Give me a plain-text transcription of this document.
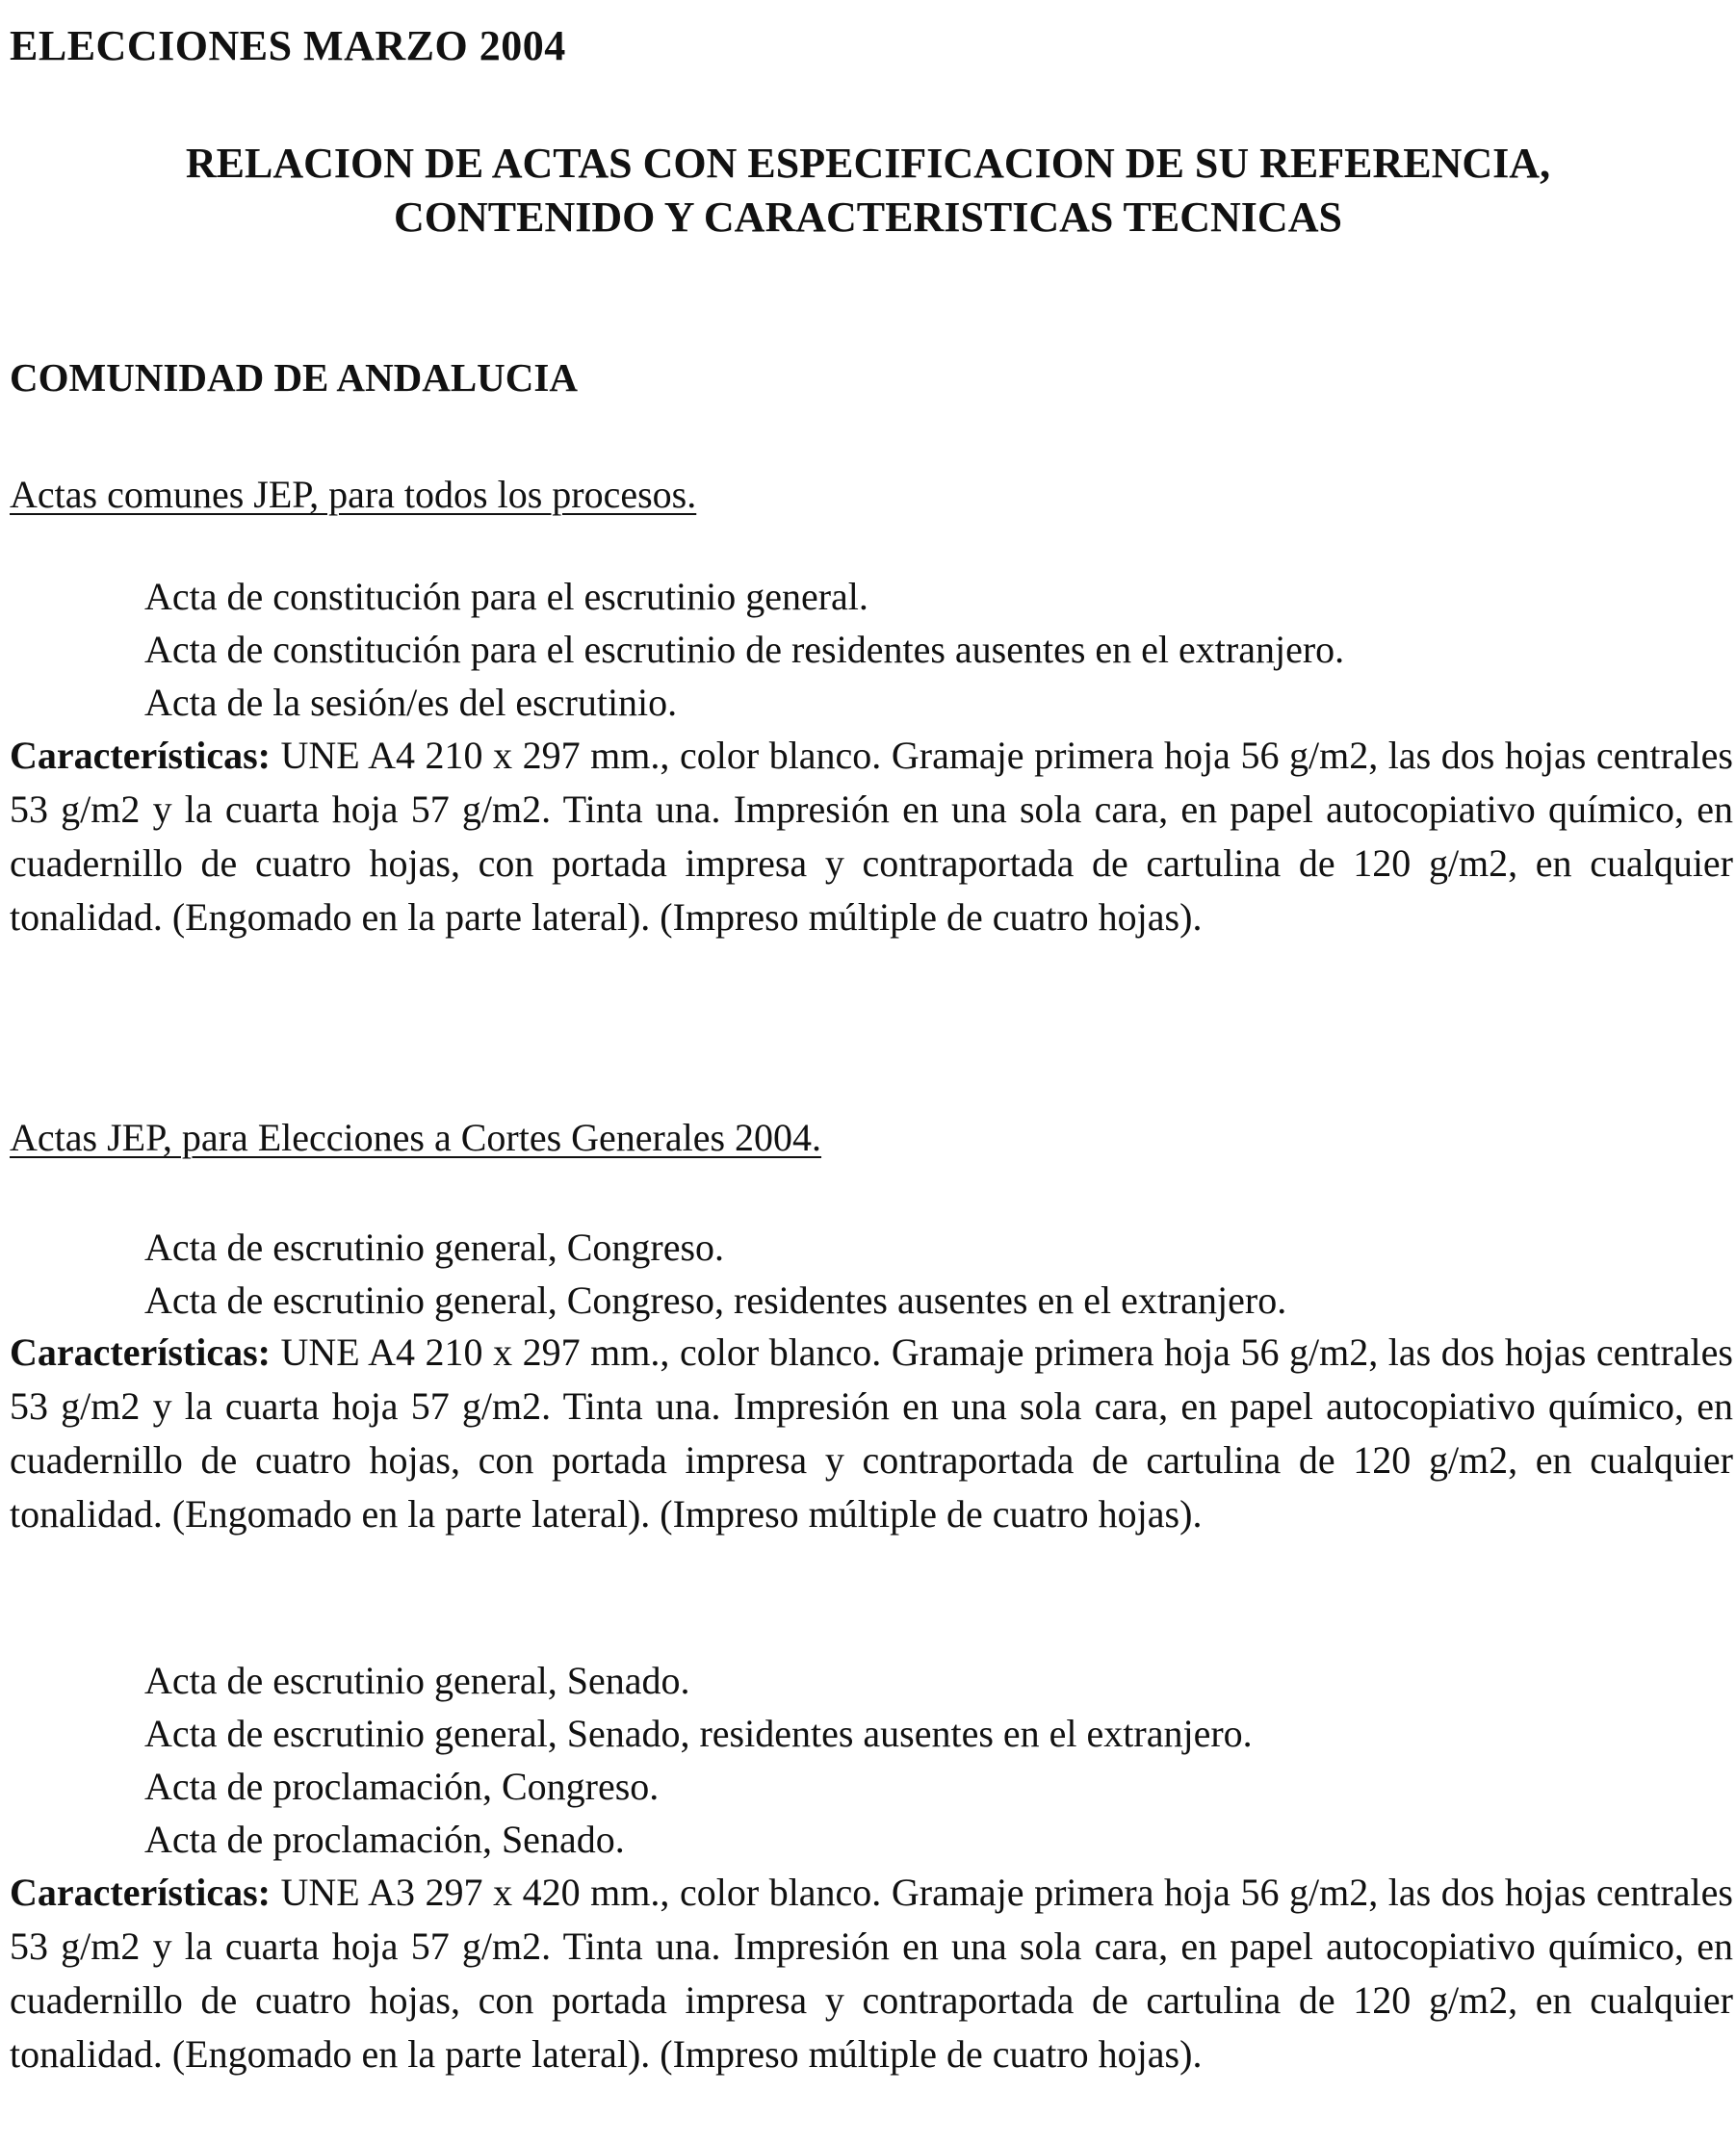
ELECCIONES MARZO 2004
RELACION DE ACTAS CON ESPECIFICACION DE SU REFERENCIA,
CONTENIDO Y CARACTERISTICAS TECNICAS
COMUNIDAD DE ANDALUCIA
Actas comunes JEP, para todos los procesos.
Acta de constitución para el escrutinio general.
Acta de constitución para el escrutinio de residentes ausentes en el extranjero.
Acta de la sesión/es del escrutinio.

Características: UNE A4 210 x 297 mm., color blanco. Gramaje primera hoja 56 g/m2, las dos hojas centrales 53 g/m2 y la cuarta hoja 57 g/m2. Tinta una. Impresión en una sola cara, en papel autocopiativo químico, en cuadernillo de cuatro hojas, con portada impresa y contraportada de cartulina de 120 g/m2, en cualquier tonalidad. (Engomado en la parte lateral). (Impreso múltiple de cuatro hojas).

Actas JEP, para Elecciones a Cortes Generales 2004.
Acta de escrutinio general, Congreso.
Acta de escrutinio general, Congreso, residentes ausentes en el extranjero.

Características: UNE A4 210 x 297 mm., color blanco. Gramaje primera hoja 56 g/m2, las dos hojas centrales 53 g/m2 y la cuarta hoja 57 g/m2. Tinta una. Impresión en una sola cara, en papel autocopiativo químico, en cuadernillo de cuatro hojas, con portada impresa y contraportada de cartulina de 120 g/m2, en cualquier tonalidad. (Engomado en la parte lateral). (Impreso múltiple de cuatro hojas).

Acta de escrutinio general, Senado.
Acta de escrutinio general, Senado, residentes ausentes en el extranjero.
Acta de proclamación, Congreso.
Acta de proclamación, Senado.

Características: UNE A3 297 x 420 mm., color blanco. Gramaje primera hoja 56 g/m2, las dos hojas centrales 53 g/m2 y la cuarta hoja 57 g/m2. Tinta una. Impresión en una sola cara, en papel autocopiativo químico, en cuadernillo de cuatro hojas, con portada impresa y contraportada de cartulina de 120 g/m2, en cualquier tonalidad. (Engomado en la parte lateral). (Impreso múltiple de cuatro hojas).
